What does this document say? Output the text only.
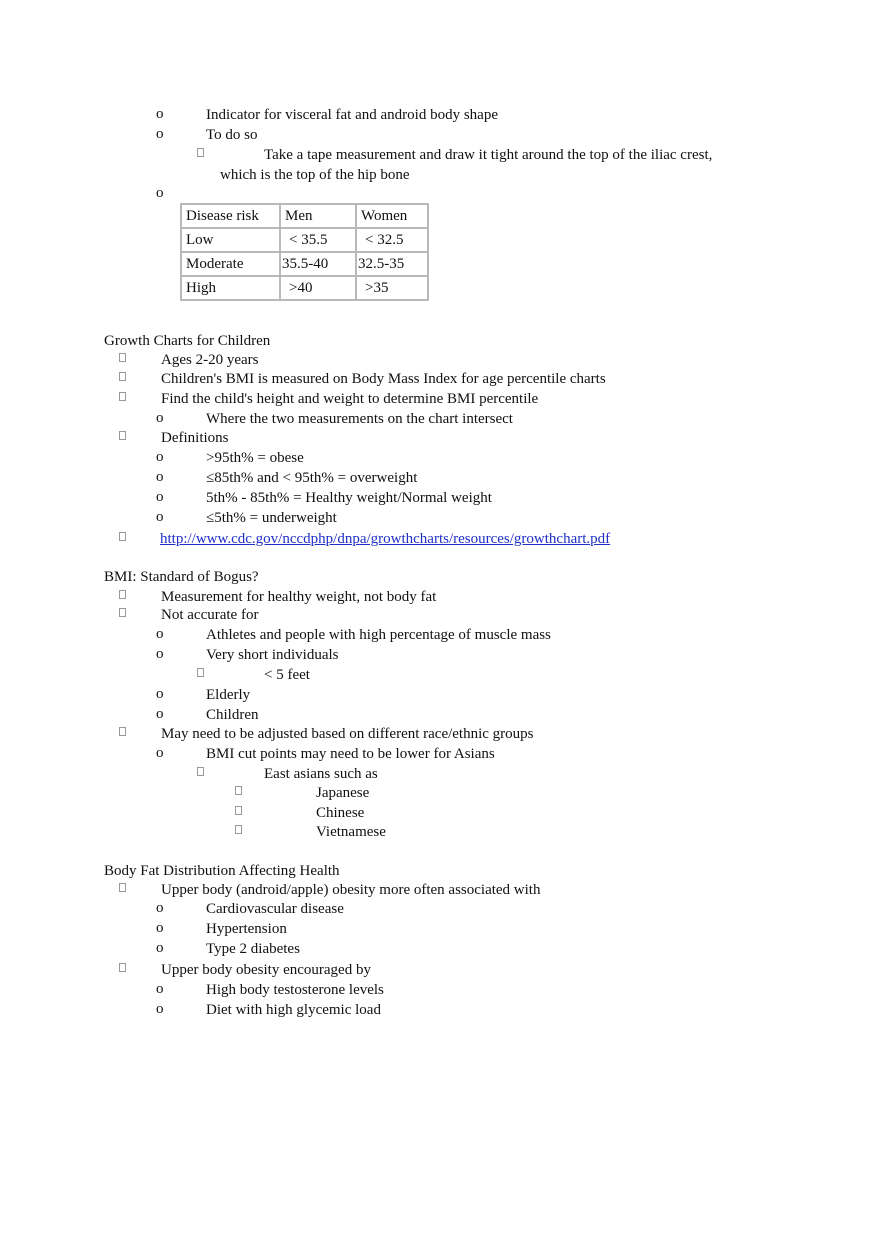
o	Indicator for visceral fat and android body shape
o	To do so
Take a tape measurement and draw it tight around the top of the iliac crest,
which is the top of the hip bone
o
Disease risk	Men	Women
Low	< 35.5	< 32.5
Moderate	35.5-40	32.5-35
High	>40	>35
Growth Charts for Children
Ages 2-20 years
Children's BMI is measured on Body Mass Index for age percentile charts
Find the child's height and weight to determine BMI percentile
o	Where the two measurements on the chart intersect
Definitions
o	>95th% = obese
o	≤85th% and < 95th% = overweight
o	5th% - 85th% = Healthy weight/Normal weight
o	≤5th% = underweight
http://www.cdc.gov/nccdphp/dnpa/growthcharts/resources/growthchart.pdf
BMI: Standard of Bogus?
Measurement for healthy weight, not body fat
Not accurate for
o	Athletes and people with high percentage of muscle mass
o	Very short individuals
< 5 feet
o	Elderly
o	Children
May need to be adjusted based on different race/ethnic groups
o	BMI cut points may need to be lower for Asians
East asians such as
Japanese
Chinese
Vietnamese
Body Fat Distribution Affecting Health
Upper body (android/apple) obesity more often associated with
o	Cardiovascular disease
o	Hypertension
o	Type 2 diabetes
Upper body obesity encouraged by
o	High body testosterone levels
o	Diet with high glycemic load
